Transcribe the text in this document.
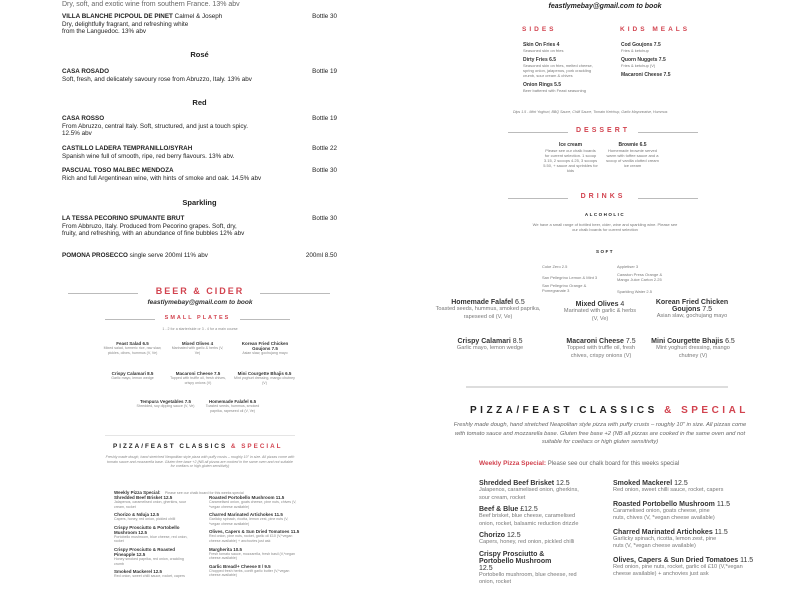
Dry, soft, and exotic wine from southern France. 13% abv
VILLA BLANCHE PICPOUL DE PINET Calmel & Joseph
Dry, delightfully fragrant, and refreshing white from the Languedoc. 13% abv
Bottle 30
Rosé
CASA ROSADO
Soft, fresh, and delicately savoury rose from Abruzzo, Italy. 13% abv
Bottle 19
Red
CASA ROSSO
From Abruzzo, central Italy. Soft, structured, and just a touch spicy. 12.5% abv
Bottle 19
CASTILLO LADERA TEMPRANILLO/SYRAH
Spanish wine full of smooth, ripe, red berry flavours. 13% abv.
Bottle 22
PASCUAL TOSO MALBEC MENDOZA
Rich and full Argentinean wine, with hints of smoke and oak. 14.5% abv
Bottle 30
Sparkling
LA TESSA PECORINO SPUMANTE BRUT
From Abbruzo, Italy. Produced from Pecorino grapes. Soft, dry, fruity, and refreshing, with an abundance of fine bubbles 12% abv
Bottle 30
POMONA PROSECCO single serve 200ml 11% abv	200ml 8.50
feastlymebay@gmail.com to book
SIDES	KIDS MEALS
Skin On Fries 4
Seasoned skin on fries
Dirty Fries 6.5
Seasoned skin on fries, melted cheese, spring onion, jalapenos, pork crackling crumb, sour cream & chives
Onion Rings 5.5
Beer battered with Feast seasoning
Cod Goujons 7.5
Fries & ketchup
Quorn Nuggets 7.5
Fries & ketchup (V)
Macaroni Cheese 7.5
Dips 1.5 - Mint Yoghurt, BBQ Sauce, Chilli Sauce, Tomato Ketchup, Garlic Mayonnaise, Hummus
DESSERT
Ice cream
Please see our chalk boards for current selection. 1 scoop 3.15, 2 scoops 4.25, 3 scoops 5.50, + sauce and sprinkles for kids
Brownie 6.5
Homemade brownie served warm with toffee sauce and a scoop of vanilla clotted cream ice cream
DRINKS
ALCOHOLIC
We have a small range of bottled beer, cider, wine and sparkling wine. Please see our chalk boards for current selection
SOFT
Coke Zero 2.5
San Pellegrino Lemon & Mint 3
San Pellegrino Orange & Pomegranate 3
Appletiser 3
Cawston Press Orange & Mango Juice Carton 2.25
Sparkling Water 2.5
Homemade Falafel 6.5
Toasted seeds, hummus, smoked paprika, rapeseed oil (V, Ve)
Mixed Olives 4
Marinated with garlic & herbs (V, Ve)
Korean Fried Chicken Goujons 7.5
Asian slaw, gochujang mayo
Crispy Calamari 8.5
Garlic mayo, lemon wedge
Macaroni Cheese 7.5
Topped with truffle oil, fresh chives, crispy onions (V)
Mini Courgette Bhajis 6.5
Mint yoghurt dressing, mango chutney (V)
PIZZA/FEAST CLASSICS & SPECIAL
Freshly made dough, hand stretched Neapolitan style pizza with puffy crusts – roughly 10" in size. All pizzas come with tomato sauce and mozzarella base. Gluten free base +2 (NB all pizzas are cooked in the same oven and not suitable for coeliacs or high gluten sensitivity)
Weekly Pizza Special: Please see our chalk board for this weeks special
Shredded Beef Brisket 12.5
Jalapenos, caramelised onion, gherkins, sour cream, rocket
Beef & Blue £12.5
Beef brisket, blue cheese, caramelised onion, rocket, balsamic reduction drizzle
Chorizo 12.5
Capers, honey, red onion, pickled chilli
Crispy Prosciutto & Portobello Mushroom 12.5
Portobello mushroom, blue cheese, red onion, rocket
Smoked Mackerel 12.5
Red onion, sweet chilli sauce, rocket, capers
Roasted Portobello Mushroom 11.5
Caramelised onion, goats cheese, pine nuts, chives (V, *vegan cheese available)
Charred Marinated Artichokes 11.5
Garlicky spinach, ricotta, lemon zest, pine nuts (V, *vegan cheese available)
Olives, Capers & Sun Dried Tomatoes 11.5
Red onion, pine nuts, rocket, garlic oil £10 (V,*vegan cheese available) + anchovies just ask
BEER & CIDER
feastlymebay@gmail.com to book
SMALL PLATES
1 - 2 for a starter/side or 3 - 4 for a main course
Feast Salad 6.5
Mixed salad, turmeric rice, raw slaw, pickles, olives, hummus (V, Ve)
Mixed Olives 4
Marinated with garlic & herbs (V, Ve)
Korean Fried Chicken Goujons 7.5
Asian slaw, gochujang mayo
Crispy Calamari 8.5
Garlic mayo, lemon wedge
Macaroni Cheese 7.5
Topped with truffle oil, fresh chives, crispy onions (V)
Mini Courgette Bhajis 6.5
Mint yoghurt dressing, mango chutney (V)
Tempura Vegetables 7.5
Shredded, soy dipping sauce (V, Ve)
Homemade Falafel 6.5
Toasted seeds, hummus, smoked paprika, rapeseed oil (V, Ve)
PIZZA/FEAST CLASSICS & SPECIAL
Freshly made dough, hand stretched Neapolitan style pizza with puffy crusts – roughly 10" in size. All pizzas come with tomato sauce and mozzarella base. Gluten free base +2 (NB all pizzas are cooked in the same oven and not suitable for coeliacs or high gluten sensitivity)
Weekly Pizza Special: Please see our chalk board for this weeks special
Shredded Beef Brisket 12.5
Jalapenos, caramelised onion, gherkins, sour cream, rocket
Chorizo & Nduja 12.5
Capers, honey, red onion, pickled chilli
Crispy Prosciutto & Portobello Mushroom 12.5
Portobello mushroom, blue cheese, red onion, rocket
Crispy Prosciutto & Roasted Pineapple 12.5
Honey smoked paprika, red onion, crackling crumb
Smoked Mackerel 12.5
Red onion, sweet chilli sauce, rocket, capers
Roasted Portobello Mushroom 11.5
Caramelised onion, goats cheese, pine nuts, chives (V, *vegan cheese available)
Charred Marinated Artichokes 11.5
Garlicky spinach, ricotta, lemon zest, pine nuts (V, *vegan cheese available)
Olives, Capers & Sun Dried Tomatoes 11.5
Red onion, pine nuts, rocket, garlic oil £10 (V,*vegan cheese available) + anchovies just ask
Margherita 10.5
Fresh tomato sauce, mozzarella, fresh basil (V,*vegan cheese available)
Garlic Bread/+ Cheese 8 / 9.5
Chopped fresh herbs, confit garlic butter (V,*vegan cheese available)
